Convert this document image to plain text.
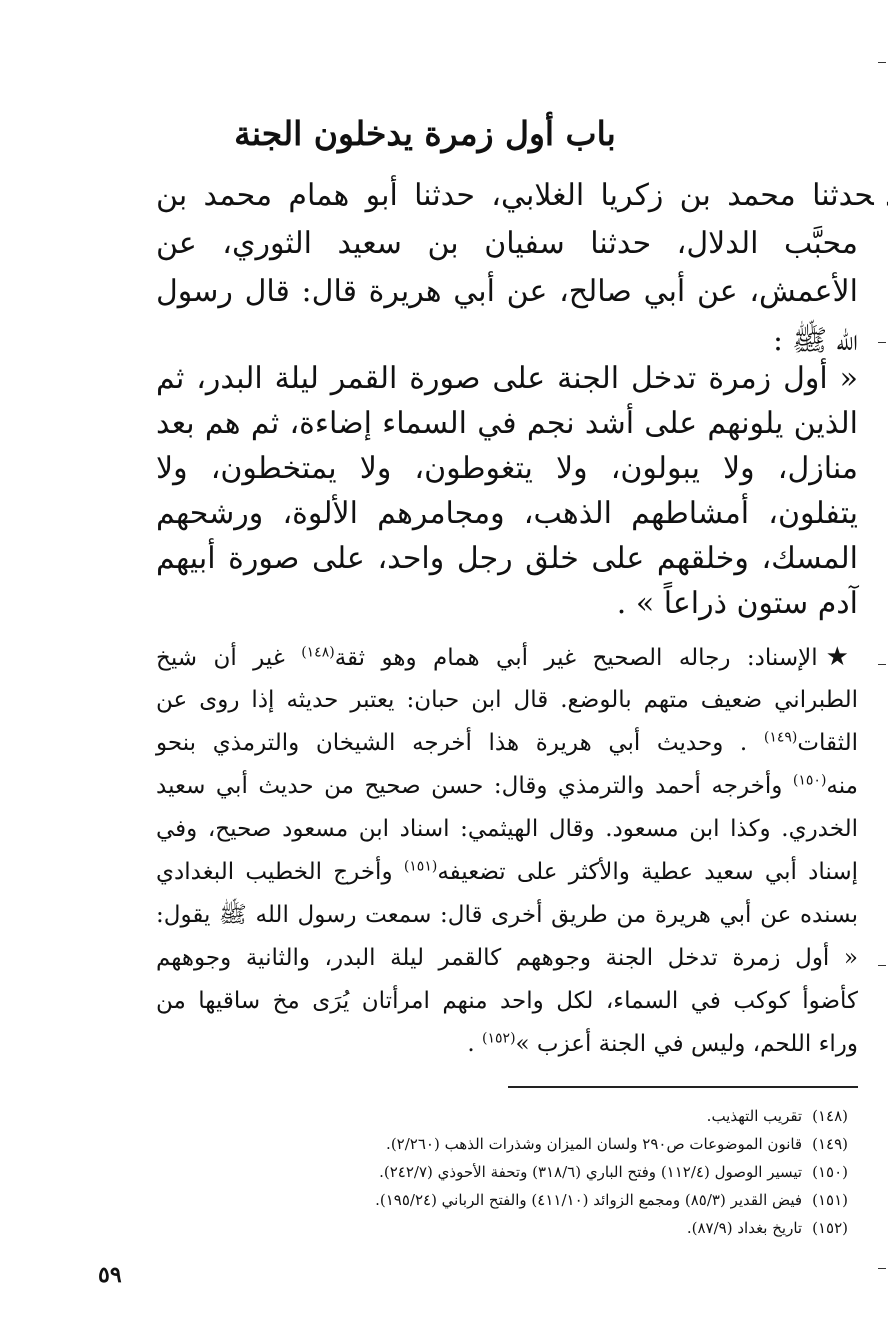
باب أول زمرة يدخلون الجنة
حدثنا محمد بن زكريا الغلابي، حدثنا أبو همام محمد بن
محبَّب الدلال، حدثنا سفيان بن سعيد الثوري، عن
الأعمش، عن أبي صالح، عن أبي هريرة قال: قال رسول
الله ﷺ :
« أول زمرة تدخل الجنة على صورة القمر ليلة البدر، ثم
الذين يلونهم على أشد نجم في السماء إضاءة، ثم هم بعد
منازل، ولا يبولون، ولا يتغوطون، ولا يمتخطون، ولا
يتفلون، أمشاطهم الذهب، ومجامرهم الألوة، ورشحهم
المسك، وخلقهم على خلق رجل واحد، على صورة أبيهم
آدم ستون ذراعاً » .
★الإسناد: رجاله الصحيح غير أبي همام وهو ثقة$^{(١٤٨)}$ غير أن شيخ
الطبراني ضعيف متهم بالوضع. قال ابن حبان: يعتبر حديثه إذا روى عن
الثقات$^{(١٤٩)}$ . وحديث أبي هريرة هذا أخرجه الشيخان والترمذي بنحو
منه$^{(١٥٠)}$ وأخرجه أحمد والترمذي وقال: حسن صحيح من حديث أبي سعيد
الخدري. وكذا ابن مسعود. وقال الهيثمي: اسناد ابن مسعود صحيح، وفي
إسناد أبي سعيد عطية والأكثر على تضعيفه$^{(١٥١)}$ وأخرج الخطيب البغدادي
بسنده عن أبي هريرة من طريق أخرى قال: سمعت رسول الله ﷺ يقول:
« أول زمرة تدخل الجنة وجوههم كالقمر ليلة البدر، والثانية وجوههم
كأضوأ كوكب في السماء، لكل واحد منهم امرأتان يُرَى مخ ساقيها من
وراء اللحم، وليس في الجنة أعزب »$^{(١٥٢)}$ .
(١٤٨)تقريب التهذيب.
(١٤٩)قانون الموضوعات ص٢٩٠ ولسان الميزان وشذرات الذهب (٢/٢٦٠).
(١٥٠)تيسير الوصول (١١٢/٤) وفتح الباري (٣١٨/٦) وتحفة الأحوذي (٢٤٢/٧).
(١٥١)فيض القدير (٨٥/٣) ومجمع الزوائد (٤١١/١٠) والفتح الرباني (١٩٥/٢٤).
(١٥٢)تاريخ بغداد (٨٧/٩).
٥٩
